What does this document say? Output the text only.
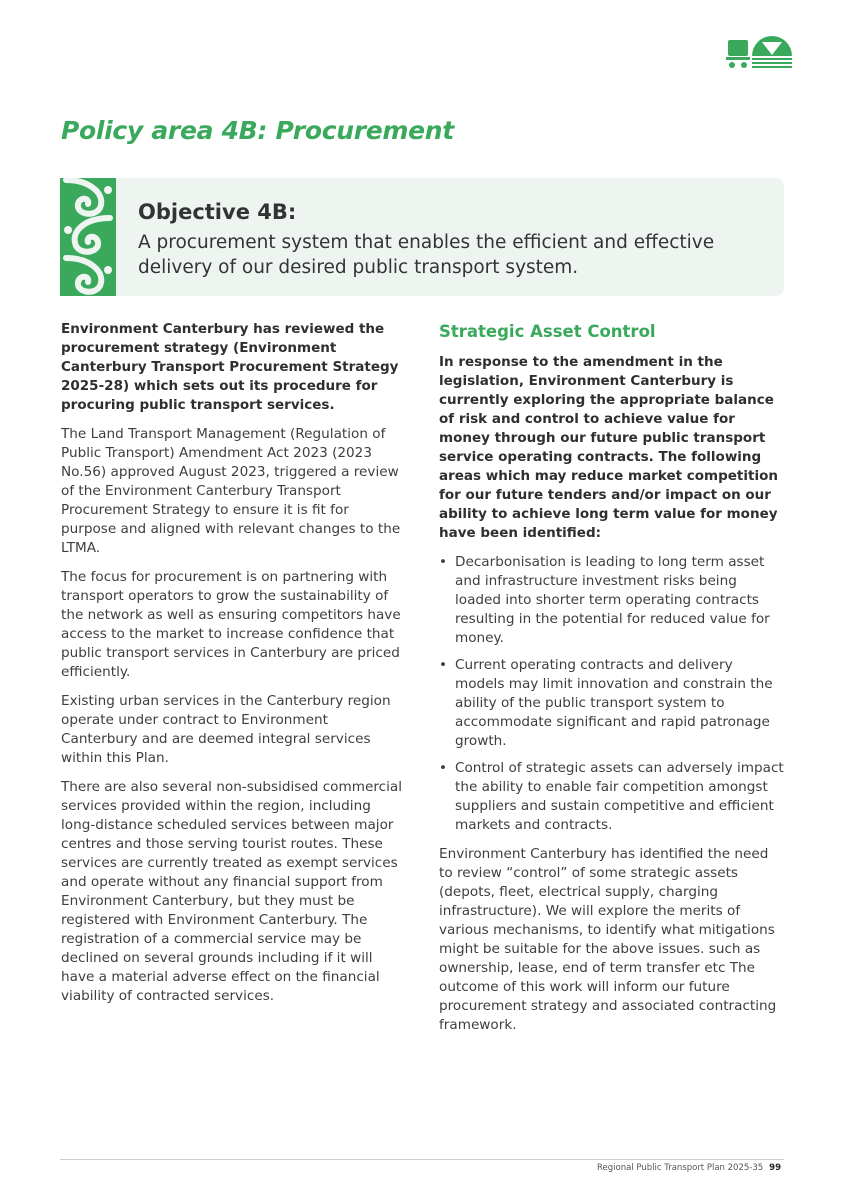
Policy area 4B: Procurement
Objective 4B:

A procurement system that enables the efficient and effective delivery of our desired public transport system.

Environment Canterbury has reviewed the procurement strategy (Environment Canterbury Transport Procurement Strategy 2025-28) which sets out its procedure for procuring public transport services.

The Land Transport Management (Regulation of Public Transport) Amendment Act 2023 (2023 No.56) approved August 2023, triggered a review of the Environment Canterbury Transport Procurement Strategy to ensure it is fit for purpose and aligned with relevant changes to the LTMA.

The focus for procurement is on partnering with transport operators to grow the sustainability of the network as well as ensuring competitors have access to the market to increase confidence that public transport services in Canterbury are priced efficiently.

Existing urban services in the Canterbury region operate under contract to Environment Canterbury and are deemed integral services within this Plan.

There are also several non-subsidised commercial services provided within the region, including long-distance scheduled services between major centres and those serving tourist routes. These services are currently treated as exempt services and operate without any financial support from Environment Canterbury, but they must be registered with Environment Canterbury. The registration of a commercial service may be declined on several grounds including if it will have a material adverse effect on the financial viability of contracted services.

Strategic Asset Control

In response to the amendment in the legislation, Environment Canterbury is currently exploring the appropriate balance of risk and control to achieve value for money through our future public transport service operating contracts. The following areas which may reduce market competition for our future tenders and/or impact on our ability to achieve long term value for money have been identified:

• Decarbonisation is leading to long term asset and infrastructure investment risks being loaded into shorter term operating contracts resulting in the potential for reduced value for money.
• Current operating contracts and delivery models may limit innovation and constrain the ability of the public transport system to accommodate significant and rapid patronage growth.
• Control of strategic assets can adversely impact the ability to enable fair competition amongst suppliers and sustain competitive and efficient markets and contracts.

Environment Canterbury has identified the need to review “control” of some strategic assets (depots, fleet, electrical supply, charging infrastructure). We will explore the merits of various mechanisms, to identify what mitigations might be suitable for the above issues. such as ownership, lease, end of term transfer etc The outcome of this work will inform our future procurement strategy and associated contracting framework.

Regional Public Transport Plan 2025-35 99
